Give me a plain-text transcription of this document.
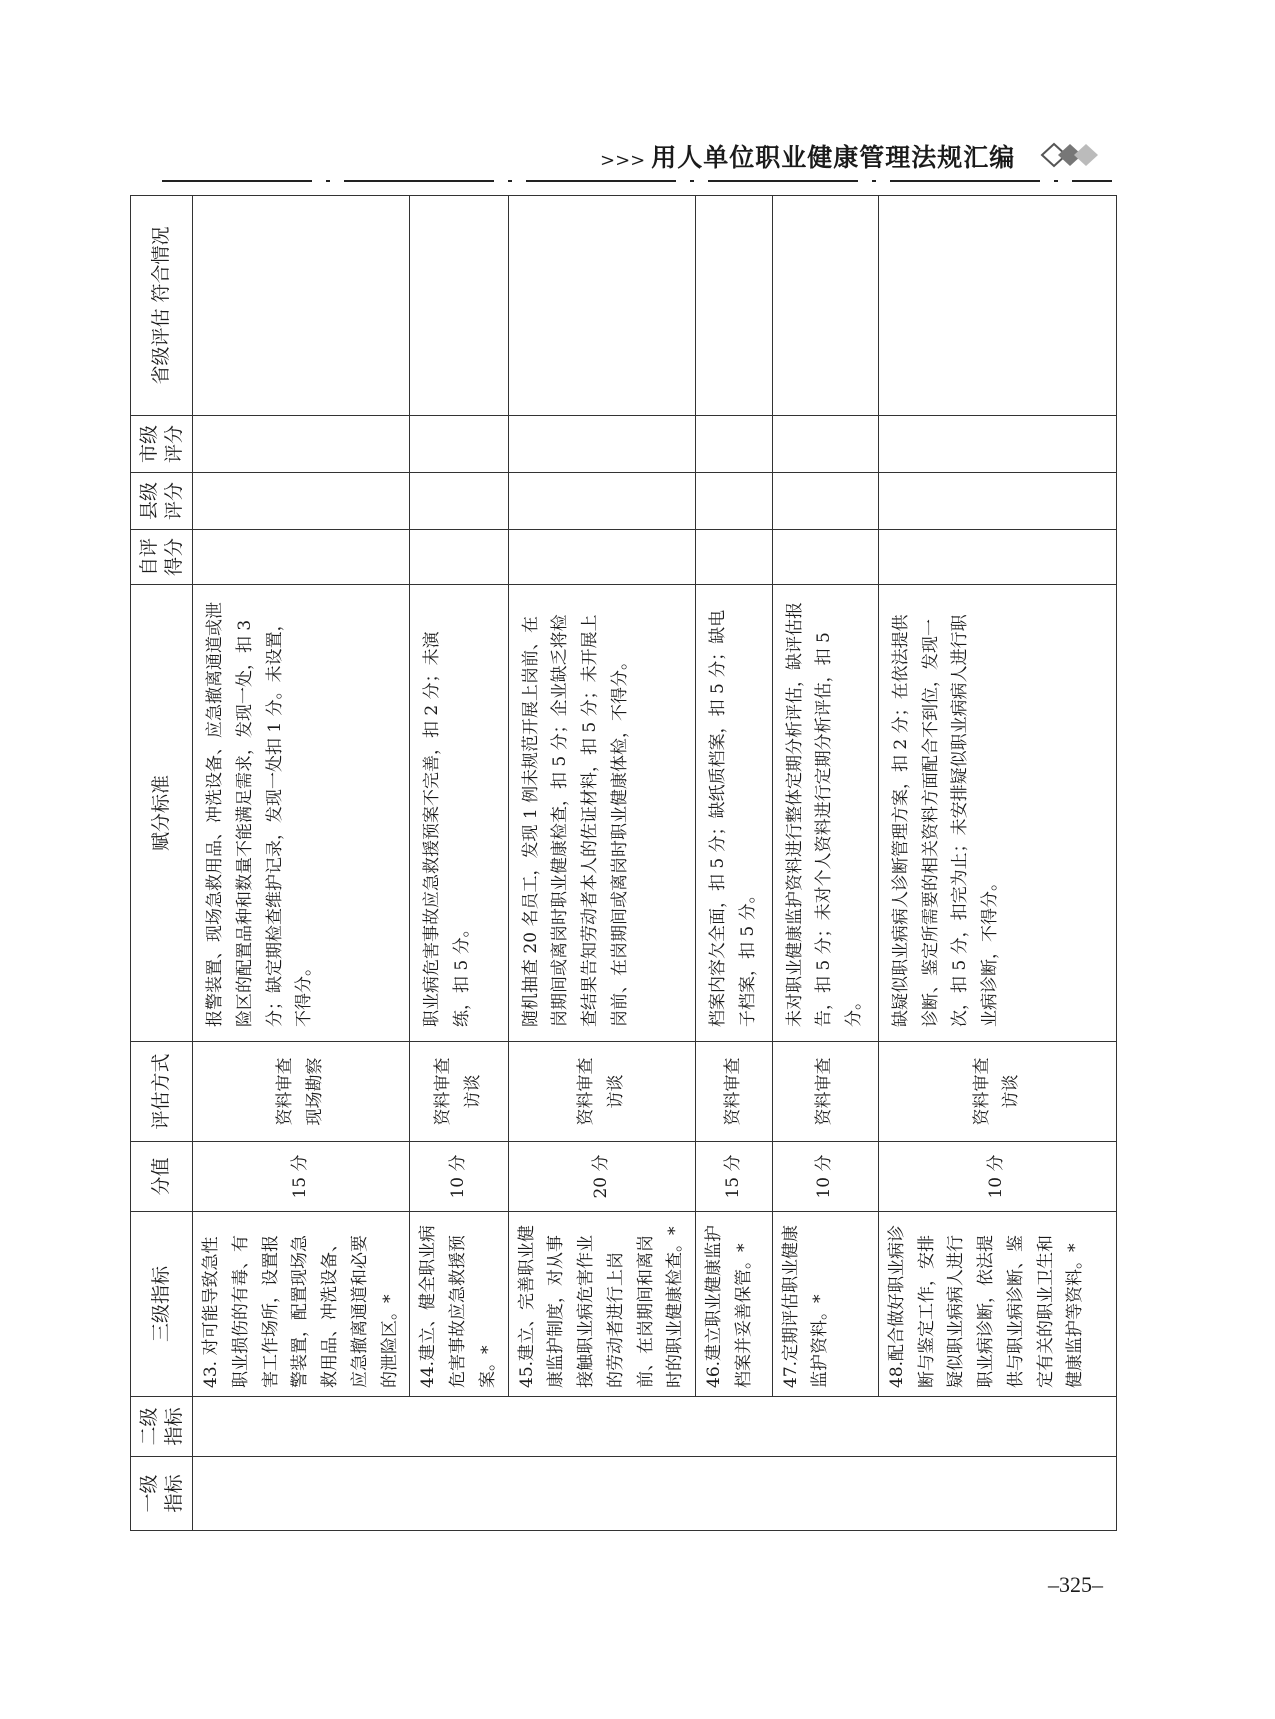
>>> 用人单位职业健康管理法规汇编
一级 指标	二级 指标	三级指标	分值	评估方式	赋分标准	自评 得分	县级 评分	市级 评分	省级评估 符合情况
		43. 对可能导致急性职业损伤的有毒、有害工作场所，设置报警装置，配置现场急救用品、冲洗设备、应急撤离通道和必要的泄险区。*	15 分	资料审查 现场勘察	报警装置、现场急救用品、冲洗设备、应急撤离通道或泄险区的配置品种和数量不能满足需求，发现一处，扣 3 分；缺定期检查维护记录，发现一处扣 1 分。未设置，不得分。				
		44.建立、健全职业病危害事故应急救援预案。*	10 分	资料审查 访谈	职业病危害事故应急救援预案不完善，扣 2 分；未演练，扣 5 分。				
		45.建立、完善职业健康监护制度，对从事接触职业病危害作业的劳动者进行上岗前、在岗期间和离岗时的职业健康检查。*	20 分	资料审查 访谈	随机抽查 20 名员工，发现 1 例未规范开展上岗前、在岗期间或离岗时职业健康检查，扣 5 分；企业缺乏将检查结果告知劳动者本人的佐证材料，扣 5 分；未开展上岗前、在岗期间或离岗时职业健康体检，不得分。				
		46.建立职业健康监护档案并妥善保管。*	15 分	资料审查	档案内容欠全面，扣 5 分；缺纸质档案，扣 5 分；缺电子档案，扣 5 分。				
		47.定期评估职业健康监护资料。*	10 分	资料审查	未对职业健康监护资料进行整体定期分析评估，缺评估报告，扣 5 分；未对个人资料进行定期分析评估，扣 5 分。				
		48.配合做好职业病诊断与鉴定工作，安排疑似职业病病人进行职业病诊断，依法提供与职业病诊断、鉴定有关的职业卫生和健康监护等资料。*	10 分	资料审查 访谈	缺疑似职业病病人诊断管理方案，扣 2 分；在依法提供诊断、鉴定所需要的相关资料方面配合不到位，发现一次，扣 5 分，扣完为止；未安排疑似职业病病人进行职业病诊断，不得分。				
–325–
